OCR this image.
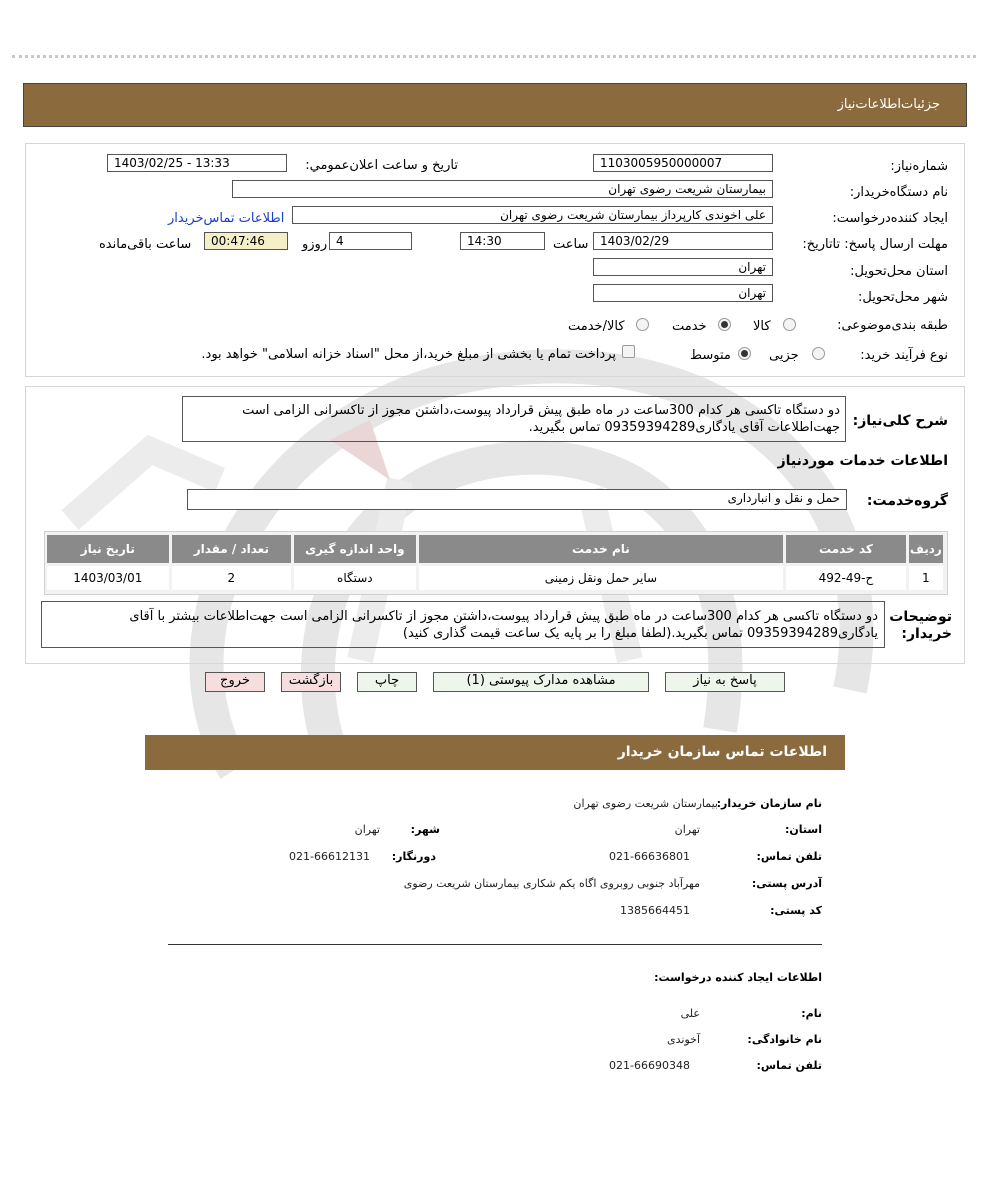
جزئیات‌اطلاعات‌نیاز
شماره‌نیاز:
1103005950000007
تاریخ و ساعت اعلان‌عمومي:
1403/02/25 - 13:33
نام دستگاه‌خریدار:
بیمارستان شریعت رضوی تهران
ایجاد کننده‌درخواست:
علی اخوندی کارپرداز بیمارستان شریعت رضوی تهران
اطلاعات تماس‌خریدار
مهلت ارسال پاسخ: تاتاریخ:
1403/02/29
ساعت
14:30
4
روزو
00:47:46
ساعت باقی‌مانده
استان محل‌تحویل:
تهران
شهر محل‌تحویل:
تهران
طبقه بندی‌موضوعی:
کالا
خدمت
کالا/خدمت
نوع فرآیند خرید:
جزیی
متوسط
پرداخت تمام یا بخشی از مبلغ خرید،از محل "اسناد خزانه اسلامی" خواهد بود.
شرح کلی‌نیاز:
دو دستگاه تاکسی هر کدام 300ساعت در ماه طبق پیش قرارداد پیوست،داشتن مجوز از تاکسرانی الزامی است جهت‌اطلاعات آقای یادگاری09359394289 تماس بگیرید.
اطلاعات خدمات مورد‌نیاز
گروه‌خدمت:
حمل و نقل و انبارداری
ردیف	کد خدمت	نام خدمت	واحد اندازه گیری	تعداد / مقدار	تاریخ نیاز
1	ح-49-492	سایر حمل ونقل زمینی	دستگاه	2	1403/03/01
توضیحات خریدار:
دو دستگاه تاکسی هر کدام 300ساعت در ماه طبق پیش قرارداد پیوست،داشتن مجوز از تاکسرانی الزامی است جهت‌اطلاعات بیشتر با آقای یادگاری09359394289 تماس بگیرید.(لطفا مبلغ را بر پایه یک ساعت قیمت گذاری کنید)
پاسخ به نیاز
مشاهده مدارک پیوستی (1)
چاپ
بازگشت
خروج
اطلاعات تماس سازمان خریدار
نام سازمان خریدار:
بیمارستان شریعت رضوی تهران
استان:
تهران
شهر:
تهران
تلفن تماس:
021-66636801
دورنگار:
021-66612131
آدرس پستی:
مهرآباد جنوبی روبروی اگاه یکم شکاری بیمارستان شریعت رضوی
کد پستی:
1385664451
اطلاعات ایجاد کننده درخواست:
نام:
علی
نام خانوادگی:
آخوندی
تلفن تماس:
021-66690348
